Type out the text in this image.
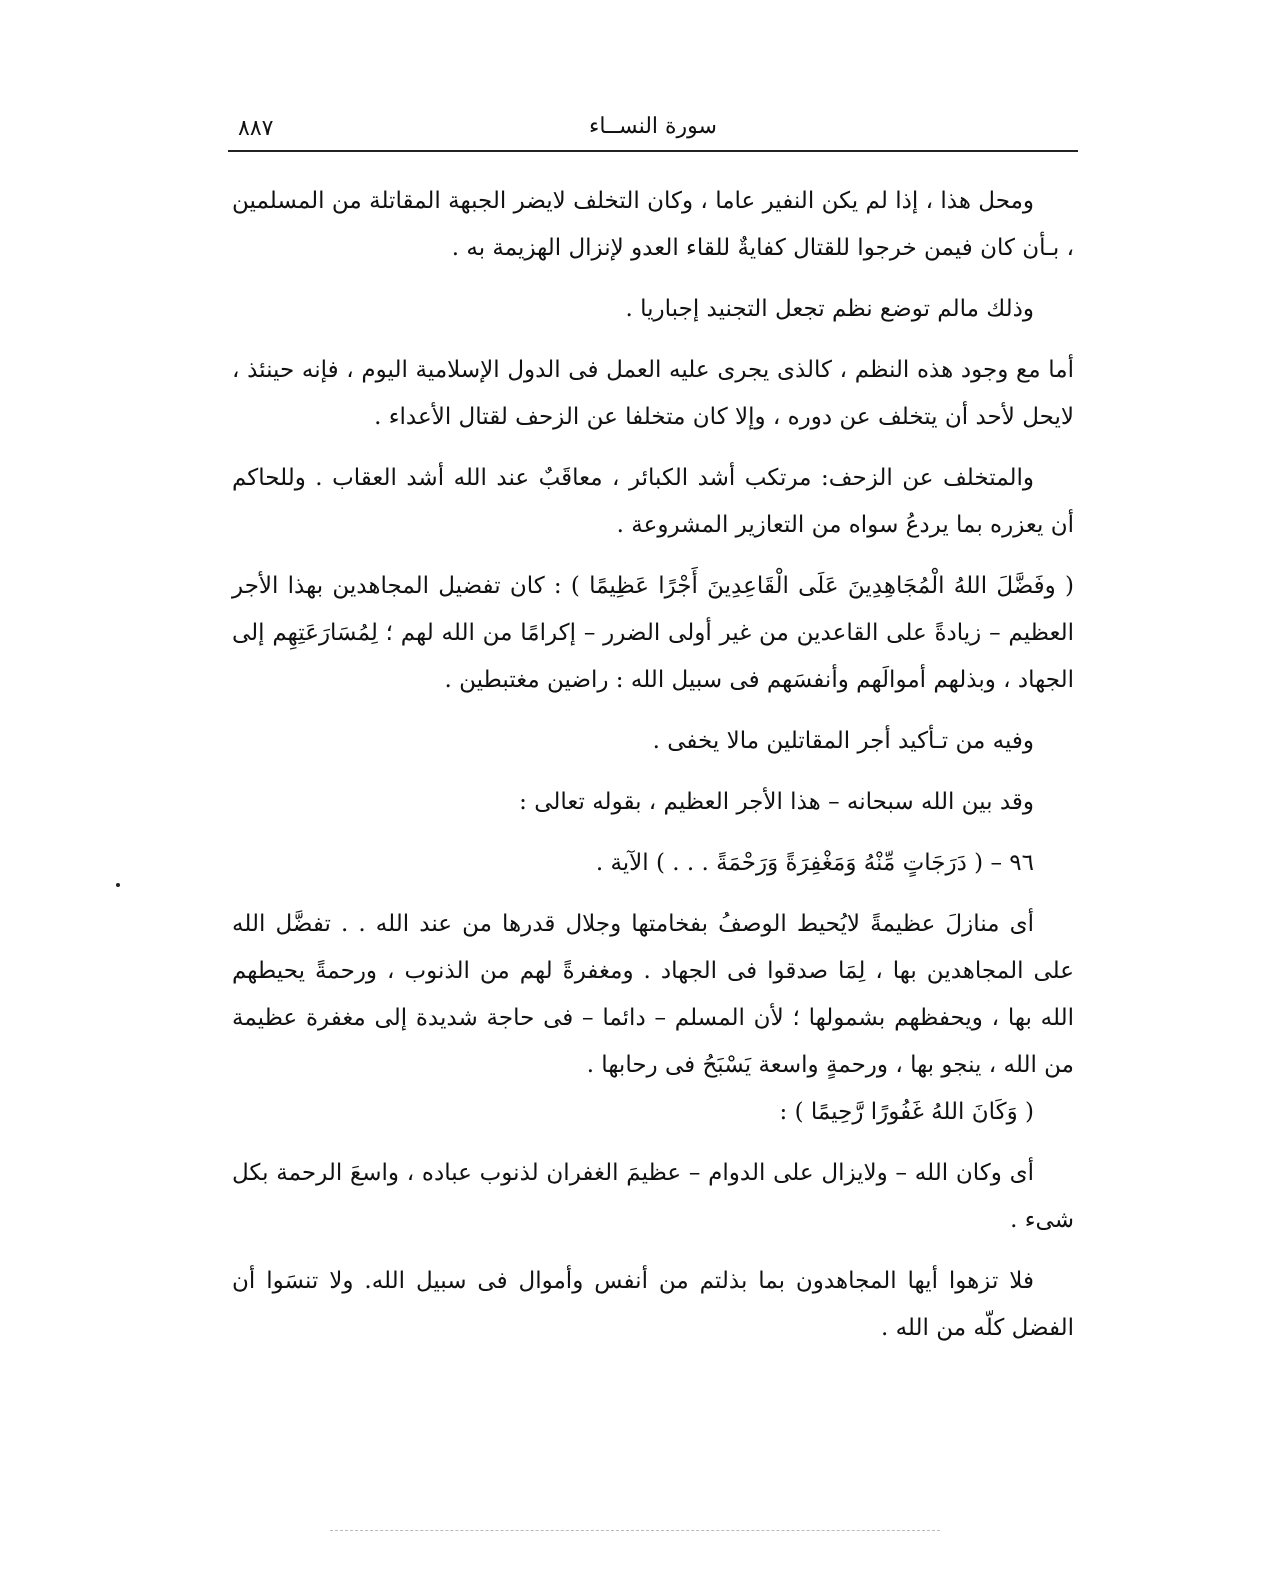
٨٨٧	سورة النســاء

ومحل هذا ، إذا لم يكن النفير عاما ، وكان التخلف لايضر الجبهة المقاتلة من المسلمين ، بـأن كان فيمن خرجوا للقتال كفايةٌ للقاء العدو لإنزال الهزيمة به .

وذلك مالم توضع نظم تجعل التجنيد إجباريا .

أما مع وجود هذه النظم ، كالذى يجرى عليه العمل فى الدول الإسلامية اليوم ، فإنه حينئذ ، لايحل لأحد أن يتخلف عن دوره ، وإلا كان متخلفا عن الزحف لقتال الأعداء .

والمتخلف عن الزحف: مرتكب أشد الكبائر ، معاقَبٌ عند الله أشد العقاب . وللحاكم أن يعزره بما يردعُ سواه من التعازير المشروعة .

( وفَضَّلَ اللهُ الْمُجَاهِدِينَ عَلَى الْقَاعِدِينَ أَجْرًا عَظِيمًا ) : كان تفضيل المجاهدين بهذا الأجر العظيم – زيادةً على القاعدين من غير أولى الضرر – إكرامًا من الله لهم ؛ لِمُسَارَعَتِهِم إلى الجهاد ، وبذلهم أموالَهم وأنفسَهم فى سبيل الله : راضين مغتبطين .

وفيه من تـأكيد أجر المقاتلين مالا يخفى .

وقد بين الله سبحانه – هذا الأجر العظيم ، بقوله تعالى :

٩٦ – ( دَرَجَاتٍ مِّنْهُ وَمَغْفِرَةً وَرَحْمَةً . . . ) الآية .

أى منازلَ عظيمةً لايُحيط الوصفُ بفخامتها وجلال قدرها من عند الله . . تفضَّل الله على المجاهدين بها ، لِمَا صدقوا فى الجهاد . ومغفرةً لهم من الذنوب ، ورحمةً يحيطهم الله بها ، ويحفظهم بشمولها ؛ لأن المسلم – دائما – فى حاجة شديدة إلى مغفرة عظيمة من الله ، ينجو بها ، ورحمةٍ واسعة يَسْبَحُ فى رحابها .

( وَكَانَ اللهُ غَفُورًا رَّحِيمًا ) :

أى وكان الله – ولايزال على الدوام – عظيمَ الغفران لذنوب عباده ، واسعَ الرحمة بكل شىء .

فلا تزهوا أيها المجاهدون بما بذلتم من أنفس وأموال فى سبيل الله. ولا تنسَوا أن الفضل كلّه من الله .
